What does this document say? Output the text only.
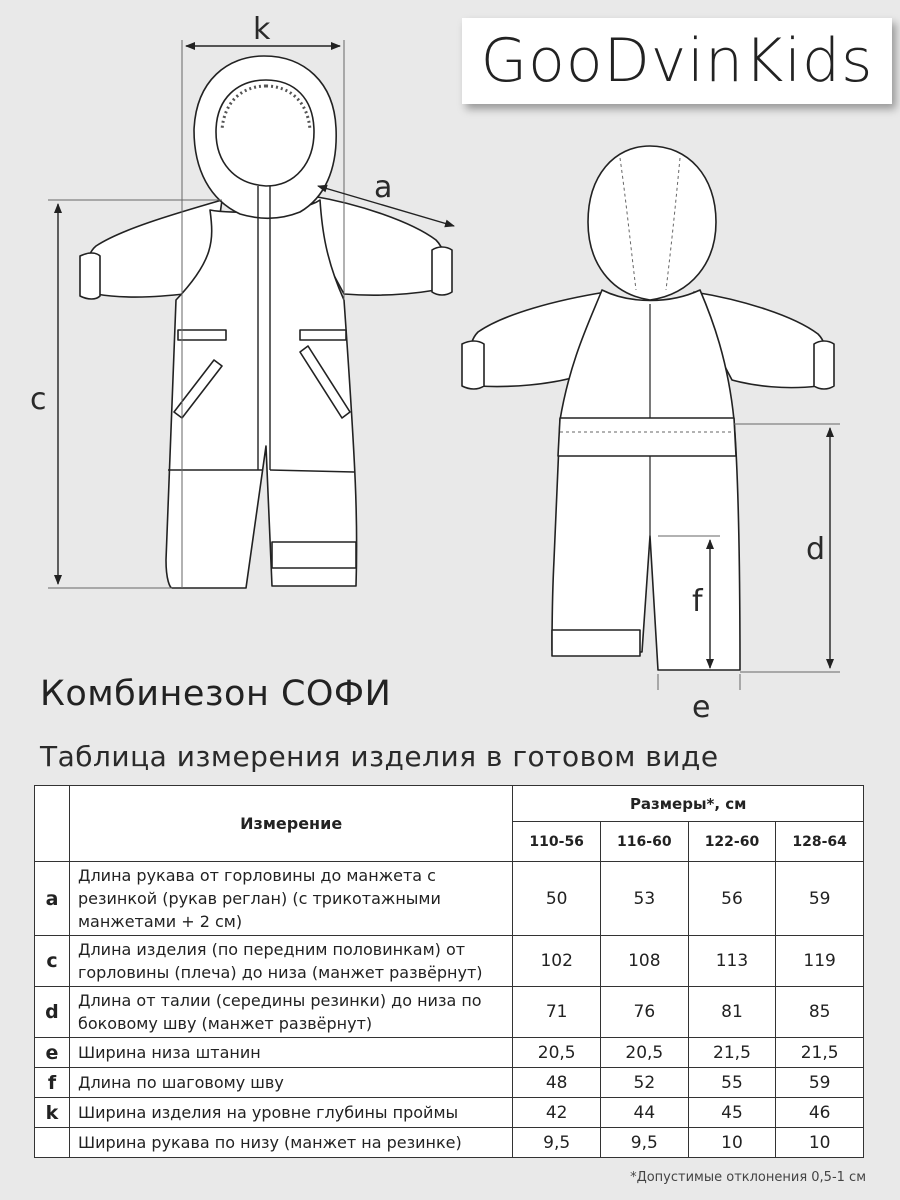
k
a
c
d
f
e
GooDvinKids
Комбинезон СОФИ
Таблица измерения изделия в готовом виде
	Измерение	Размеры*, см			
		110-56	116-60	122-60	128-64
a	Длина рукава от горловины до манжета с резинкой (рукав реглан) (с трикотажными манжетами + 2 см)	50	53	56	59
c	Длина изделия (по передним половинкам) от горловины (плеча) до низа (манжет развёрнут)	102	108	113	119
d	Длина от талии (середины резинки) до низа по боковому шву (манжет развёрнут)	71	76	81	85
e	Ширина низа штанин	20,5	20,5	21,5	21,5
f	Длина по шаговому шву	48	52	55	59
k	Ширина изделия на уровне глубины проймы	42	44	45	46
	Ширина рукава по низу (манжет на резинке)	9,5	9,5	10	10
*Допустимые отклонения 0,5-1 см
